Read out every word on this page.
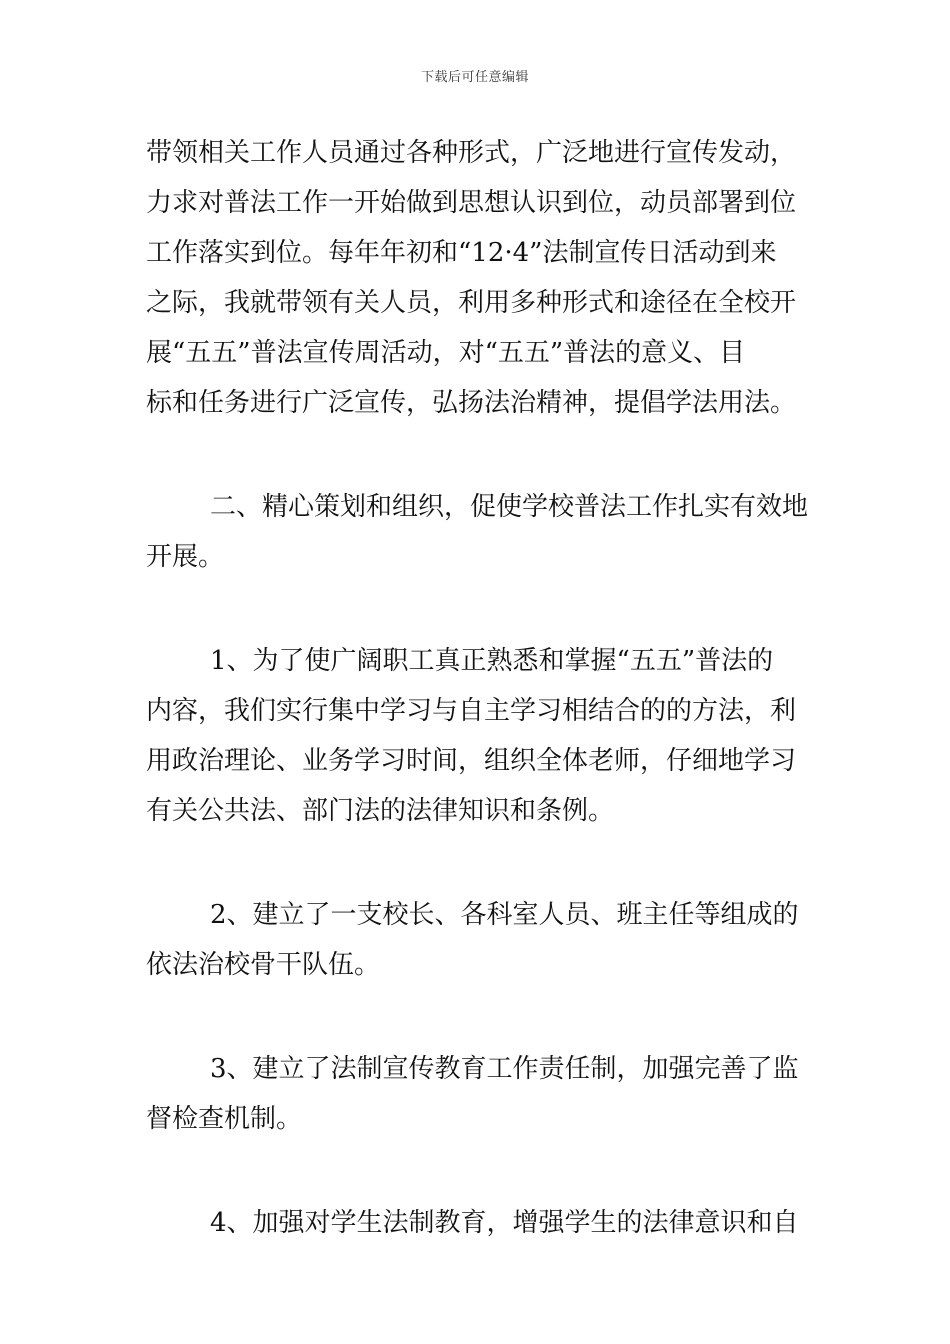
下载后可任意编辑
带领相关工作人员通过各种形式，广泛地进行宣传发动，
力求对普法工作一开始做到思想认识到位，动员部署到位
工作落实到位。每年年初和“12·4”法制宣传日活动到来
之际，我就带领有关人员，利用多种形式和途径在全校开
展“五五”普法宣传周活动，对“五五”普法的意义、目
标和任务进行广泛宣传，弘扬法治精神，提倡学法用法。
二、精心策划和组织，促使学校普法工作扎实有效地
开展。
1、为了使广阔职工真正熟悉和掌握“五五”普法的
内容，我们实行集中学习与自主学习相结合的的方法，利
用政治理论、业务学习时间，组织全体老师，仔细地学习
有关公共法、部门法的法律知识和条例。
2、建立了一支校长、各科室人员、班主任等组成的
依法治校骨干队伍。
3、建立了法制宣传教育工作责任制，加强完善了监
督检查机制。
4、加强对学生法制教育，增强学生的法律意识和自
